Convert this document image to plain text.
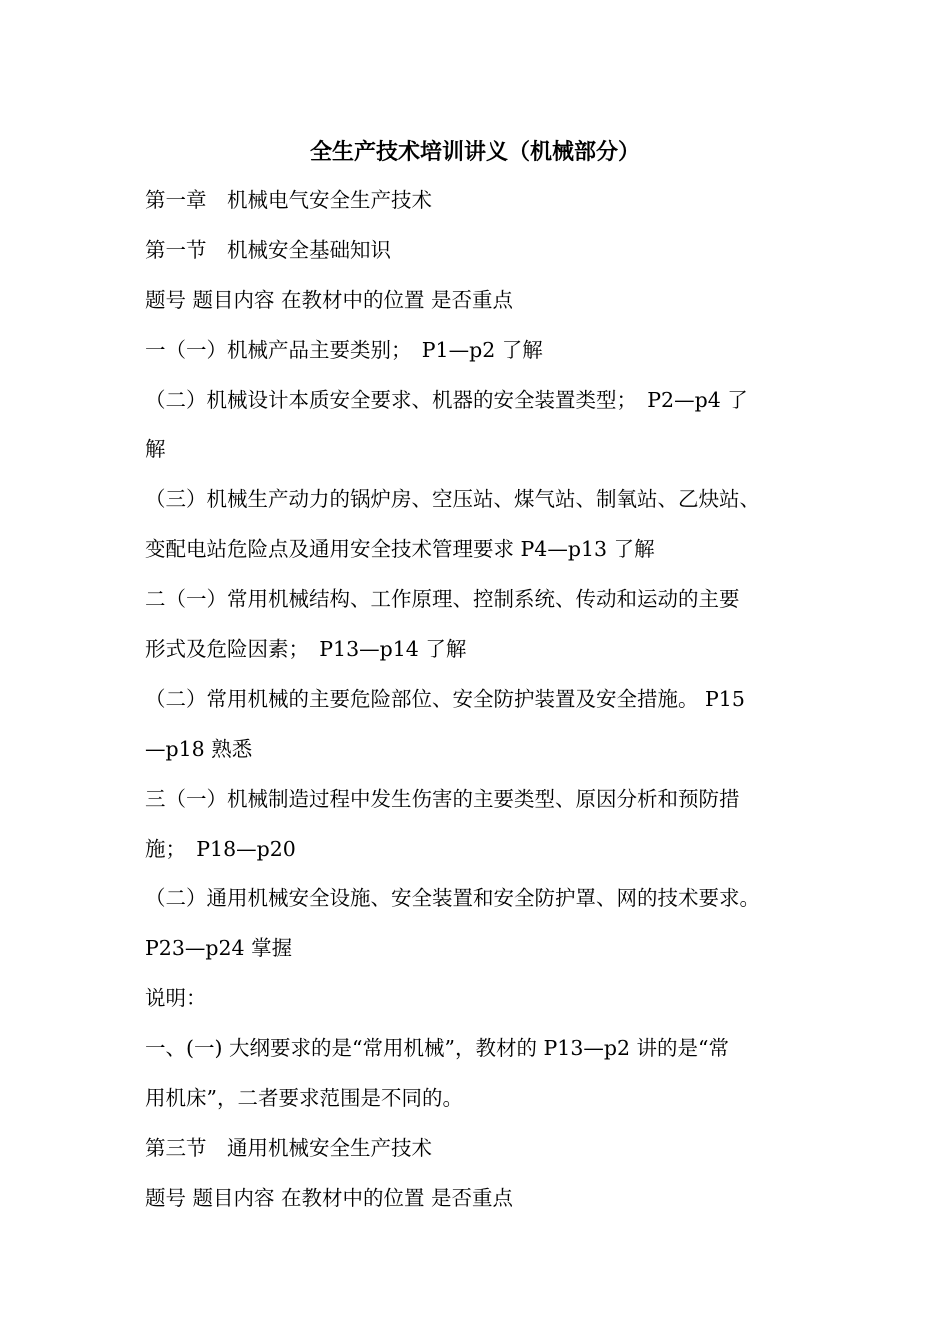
全生产技术培训讲义（机械部分）
第一章　机械电气安全生产技术
第一节　机械安全基础知识
题号 题目内容 在教材中的位置 是否重点
一（一）机械产品主要类别；　P1—p2 了解
（二）机械设计本质安全要求、机器的安全装置类型；　P2—p4 了
解
（三）机械生产动力的锅炉房、空压站、煤气站、制氧站、乙炔站、
变配电站危险点及通用安全技术管理要求 P4—p13 了解
二（一）常用机械结构、工作原理、控制系统、传动和运动的主要
形式及危险因素；　P13—p14 了解
（二）常用机械的主要危险部位、安全防护装置及安全措施。 P15
—p18 熟悉
三（一）机械制造过程中发生伤害的主要类型、原因分析和预防措
施；　P18—p20
（二）通用机械安全设施、安全装置和安全防护罩、网的技术要求。
P23—p24 掌握
说明：
一、(一) 大纲要求的是“常用机械”，教材的 P13—p2 讲的是“常
用机床”，二者要求范围是不同的。
第三节　通用机械安全生产技术
题号 题目内容 在教材中的位置 是否重点
